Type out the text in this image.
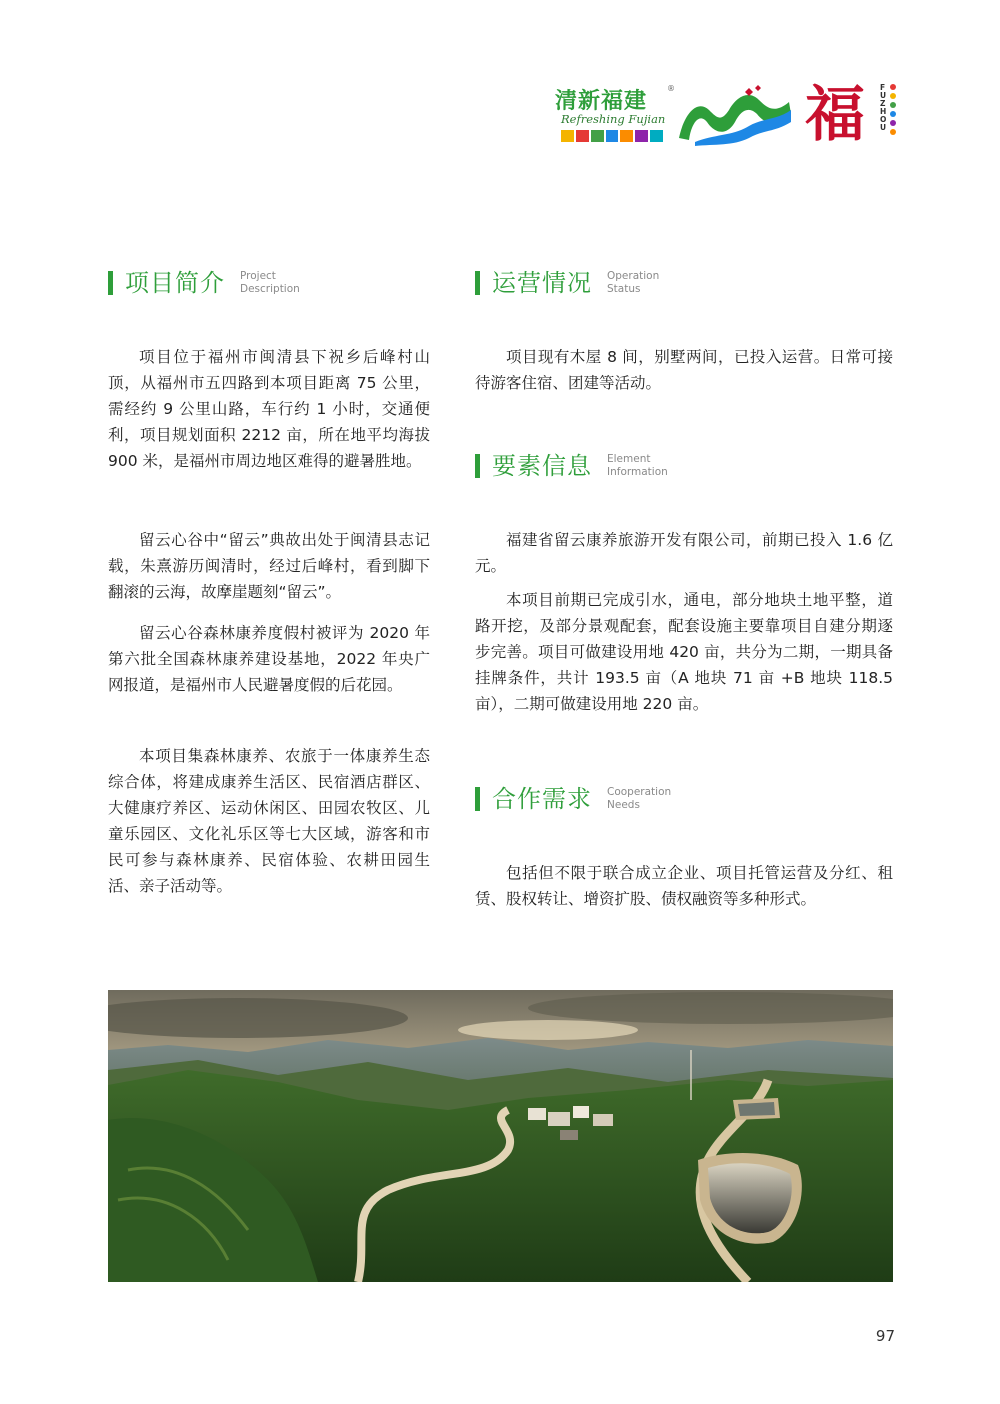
清新福建
®
Refreshing Fujian 福	FUZHOU
项目简介 Project
Description

项目位于福州市闽清县下祝乡后峰村山顶，从福州市五四路到本项目距离 75 公里，需经约 9 公里山路，车行约 1 小时，交通便利，项目规划面积 2212 亩，所在地平均海拔 900 米，是福州市周边地区难得的避暑胜地。

留云心谷中“留云”典故出处于闽清县志记载，朱熹游历闽清时，经过后峰村，看到脚下翻滚的云海，故摩崖题刻“留云”。

留云心谷森林康养度假村被评为 2020 年第六批全国森林康养建设基地，2022 年央广网报道，是福州市人民避暑度假的后花园。

本项目集森林康养、农旅于一体康养生态综合体，将建成康养生活区、民宿酒店群区、大健康疗养区、运动休闲区、田园农牧区、儿童乐园区、文化礼乐区等七大区域，游客和市民可参与森林康养、民宿体验、农耕田园生活、亲子活动等。

运营情况 Operation
Status

项目现有木屋 8 间，别墅两间，已投入运营。日常可接待游客住宿、团建等活动。

要素信息 Element
Information

福建省留云康养旅游开发有限公司，前期已投入 1.6 亿元。

本项目前期已完成引水，通电，部分地块土地平整，道路开挖，及部分景观配套，配套设施主要靠项目自建分期逐步完善。项目可做建设用地 420 亩，共分为二期，一期具备挂牌条件，共计 193.5 亩（A 地块 71 亩 +B 地块 118.5 亩），二期可做建设用地 220 亩。

合作需求 Cooperation
Needs

包括但不限于联合成立企业、项目托管运营及分红、租赁、股权转让、增资扩股、债权融资等多种形式。

97
